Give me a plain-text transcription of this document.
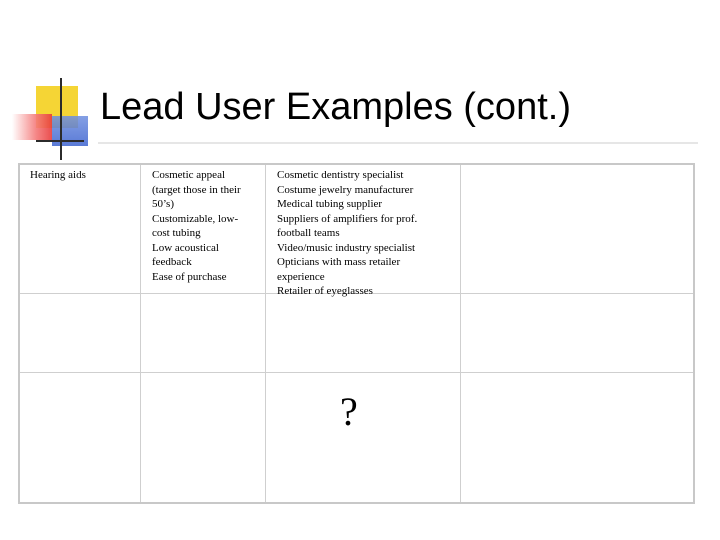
Lead User Examples (cont.)
Hearing aids	Cosmetic appeal
(target those in their
50’s)
Customizable, low-
cost tubing
Low acoustical
feedback
Ease of purchase
Cosmetic dentistry specialist
Costume jewelry manufacturer
Medical tubing supplier
Suppliers of amplifiers for prof.
football teams
Video/music industry specialist
Opticians with mass retailer
experience
Retailer of eyeglasses
?
